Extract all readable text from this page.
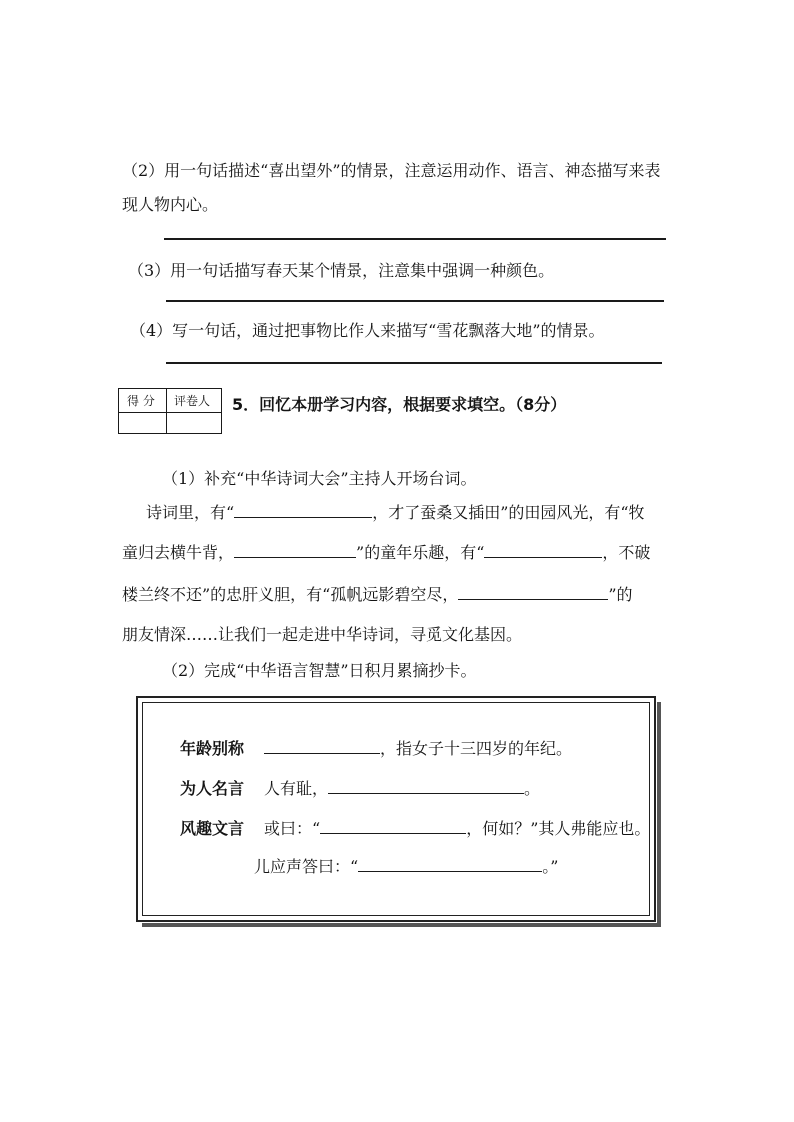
（2）用一句话描述“喜出望外”的情景，注意运用动作、语言、神态描写来表
现人物内心。
（3）用一句话描写春天某个情景，注意集中强调一种颜色。
（4）写一句话，通过把事物比作人来描写“雪花飘落大地”的情景。
得 分 评卷人 5．回忆本册学习内容，根据要求填空。（8分）
（1）补充“中华诗词大会”主持人开场台词。
诗词里，有“	，才了蚕桑又插田”的田园风光，有“牧
童归去横牛背，	”的童年乐趣，有“	，不破
楼兰终不还”的忠肝义胆，有“孤帆远影碧空尽，	”的
朋友情深……让我们一起走进中华诗词，寻觅文化基因。
（2）完成“中华语言智慧”日积月累摘抄卡。
年龄别称	，指女子十三四岁的年纪。
为人名言 人有耻，	。
风趣文言 或曰：“	，何如？”其人弗能应也。
儿应声答曰：“	。”
